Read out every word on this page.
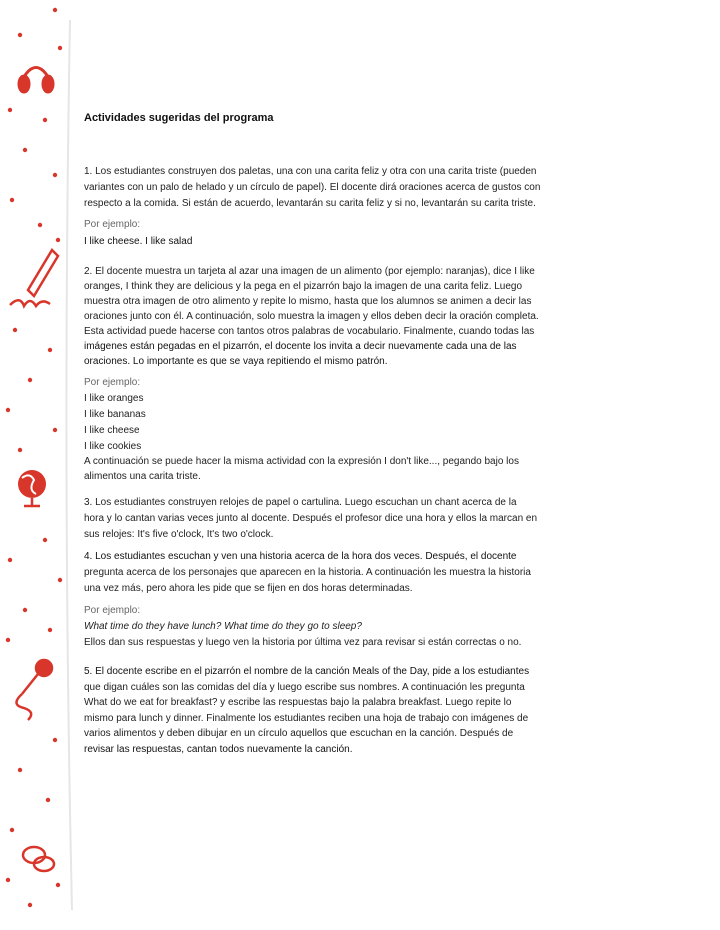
Actividades sugeridas del programa
1. Los estudiantes construyen dos paletas, una con una carita feliz y otra con una carita triste (pueden
variantes con un palo de helado y un círculo de papel). El docente dirá oraciones acerca de gustos con
respecto a la comida. Si están de acuerdo, levantarán su carita feliz y si no, levantarán su carita triste.
Por ejemplo:
I like cheese. I like salad
2. El docente muestra un tarjeta al azar una imagen de un alimento (por ejemplo: naranjas), dice I like
oranges, I think they are delicious y la pega en el pizarrón bajo la imagen de una carita feliz. Luego
muestra otra imagen de otro alimento y repite lo mismo, hasta que los alumnos se animen a decir las
oraciones junto con él. A continuación, solo muestra la imagen y ellos deben decir la oración completa.
Esta actividad puede hacerse con tantos otros palabras de vocabulario. Finalmente, cuando todas las
imágenes están pegadas en el pizarrón, el docente los invita a decir nuevamente cada una de las
oraciones. Lo importante es que se vaya repitiendo el mismo patrón.
Por ejemplo:
I like oranges
I like bananas
I like cheese
I like cookies
A continuación se puede hacer la misma actividad con la expresión I don't like..., pegando bajo los
alimentos una carita triste.
3. Los estudiantes construyen relojes de papel o cartulina. Luego escuchan un chant acerca de la
hora y lo cantan varias veces junto al docente. Después el profesor dice una hora y ellos la marcan en
sus relojes: It's five o'clock, It's two o'clock.
4. Los estudiantes escuchan y ven una historia acerca de la hora dos veces. Después, el docente
pregunta acerca de los personajes que aparecen en la historia. A continuación les muestra la historia
una vez más, pero ahora les pide que se fijen en dos horas determinadas.
Por ejemplo:
What time do they have lunch? What time do they go to sleep?
Ellos dan sus respuestas y luego ven la historia por última vez para revisar si están correctas o no.
5. El docente escribe en el pizarrón el nombre de la canción Meals of the Day, pide a los estudiantes
que digan cuáles son las comidas del día y luego escribe sus nombres. A continuación les pregunta
What do we eat for breakfast? y escribe las respuestas bajo la palabra breakfast. Luego repite lo
mismo para lunch y dinner. Finalmente los estudiantes reciben una hoja de trabajo con imágenes de
varios alimentos y deben dibujar en un círculo aquellos que escuchan en la canción. Después de
revisar las respuestas, cantan todos nuevamente la canción.
